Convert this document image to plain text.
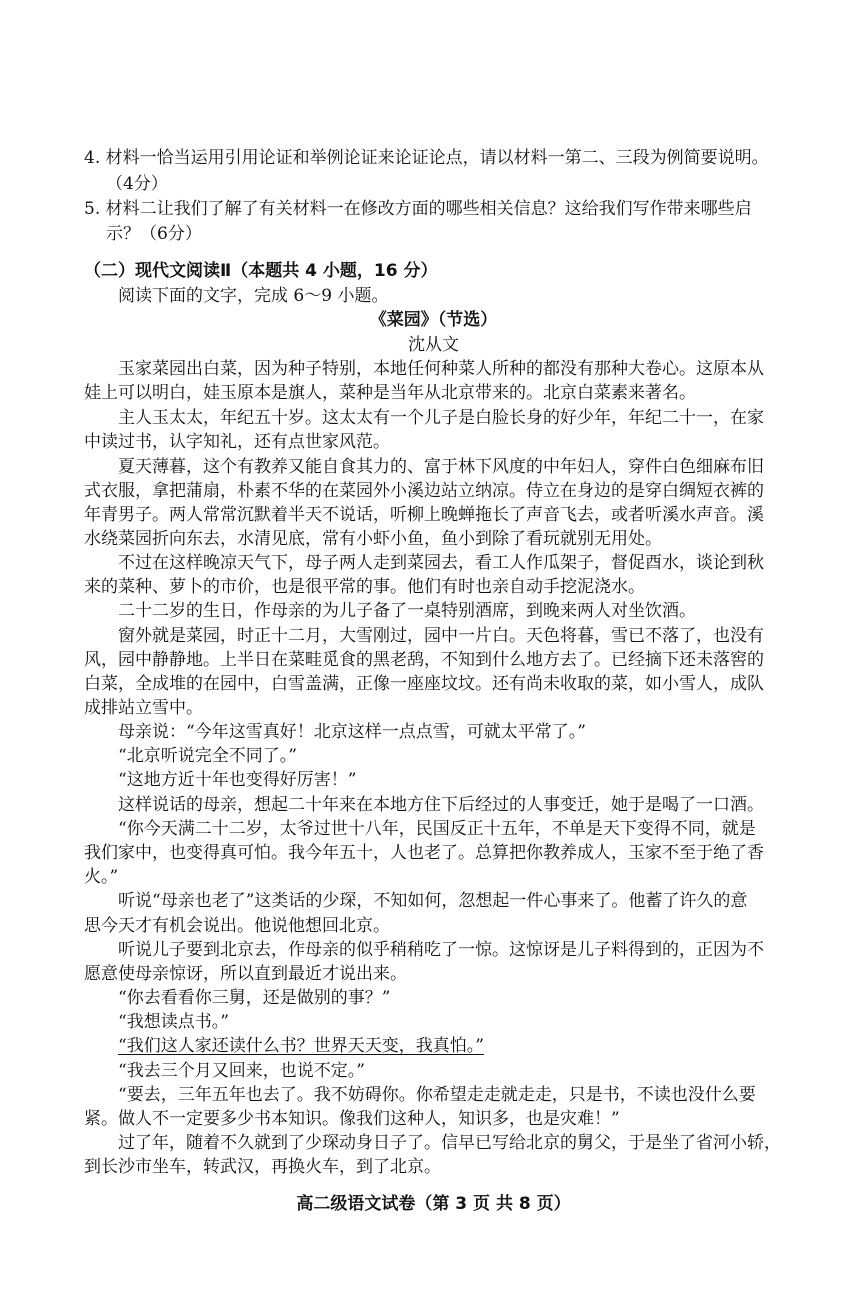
4. 材料一恰当运用引用论证和举例论证来论证论点，请以材料一第二、三段为例简要说明。
（4分）
5. 材料二让我们了解了有关材料一在修改方面的哪些相关信息？这给我们写作带来哪些启
示？（6分）
（二）现代文阅读Ⅱ（本题共 4 小题，16 分）
阅读下面的文字，完成 6～9 小题。
《菜园》（节选）
沈从文
玉家菜园出白菜，因为种子特别，本地任何种菜人所种的都没有那种大卷心。这原本从
娃上可以明白，娃玉原本是旗人，菜种是当年从北京带来的。北京白菜素来著名。
主人玉太太，年纪五十岁。这太太有一个儿子是白脸长身的好少年，年纪二十一，在家
中读过书，认字知礼，还有点世家风范。
夏天薄暮，这个有教养又能自食其力的、富于林下风度的中年妇人，穿件白色细麻布旧
式衣服，拿把蒲扇，朴素不华的在菜园外小溪边站立纳凉。侍立在身边的是穿白绸短衣裤的
年青男子。两人常常沉默着半天不说话，听柳上晚蝉拖长了声音飞去，或者听溪水声音。溪
水绕菜园折向东去，水清见底，常有小虾小鱼，鱼小到除了看玩就别无用处。
不过在这样晚凉天气下，母子两人走到菜园去，看工人作瓜架子，督促酉水，谈论到秋
来的菜种、萝卜的市价，也是很平常的事。他们有时也亲自动手挖泥浇水。
二十二岁的生日，作母亲的为儿子备了一桌特别酒席，到晚来两人对坐饮酒。
窗外就是菜园，时正十二月，大雪刚过，园中一片白。天色将暮，雪已不落了，也没有
风，园中静静地。上半日在菜畦觅食的黑老鸹，不知到什么地方去了。已经摘下还未落窖的
白菜，全成堆的在园中，白雪盖满，正像一座座坟坟。还有尚未收取的菜，如小雪人，成队
成排站立雪中。
母亲说：“今年这雪真好！北京这样一点点雪，可就太平常了。”
“北京听说完全不同了。”
“这地方近十年也变得好厉害！”
这样说话的母亲，想起二十年来在本地方住下后经过的人事变迁，她于是喝了一口酒。
“你今天满二十二岁，太爷过世十八年，民国反正十五年，不单是天下变得不同，就是
我们家中，也变得真可怕。我今年五十，人也老了。总算把你教养成人，玉家不至于绝了香
火。”
听说“母亲也老了”这类话的少琛，不知如何，忽想起一件心事来了。他蓄了许久的意
思今天才有机会说出。他说他想回北京。
听说儿子要到北京去，作母亲的似乎稍稍吃了一惊。这惊讶是儿子料得到的，正因为不
愿意使母亲惊讶，所以直到最近才说出来。
“你去看看你三舅，还是做别的事？”
“我想读点书。”
“我们这人家还读什么书？世界天天变，我真怕。”
“我去三个月又回来，也说不定。”
“要去，三年五年也去了。我不妨碍你。你希望走走就走走，只是书，不读也没什么要
紧。做人不一定要多少书本知识。像我们这种人，知识多，也是灾难！”
过了年，随着不久就到了少琛动身日子了。信早已写给北京的舅父，于是坐了省河小轿，
到长沙市坐车，转武汉，再换火车，到了北京。
高二级语文试卷（第 3 页 共 8 页）
